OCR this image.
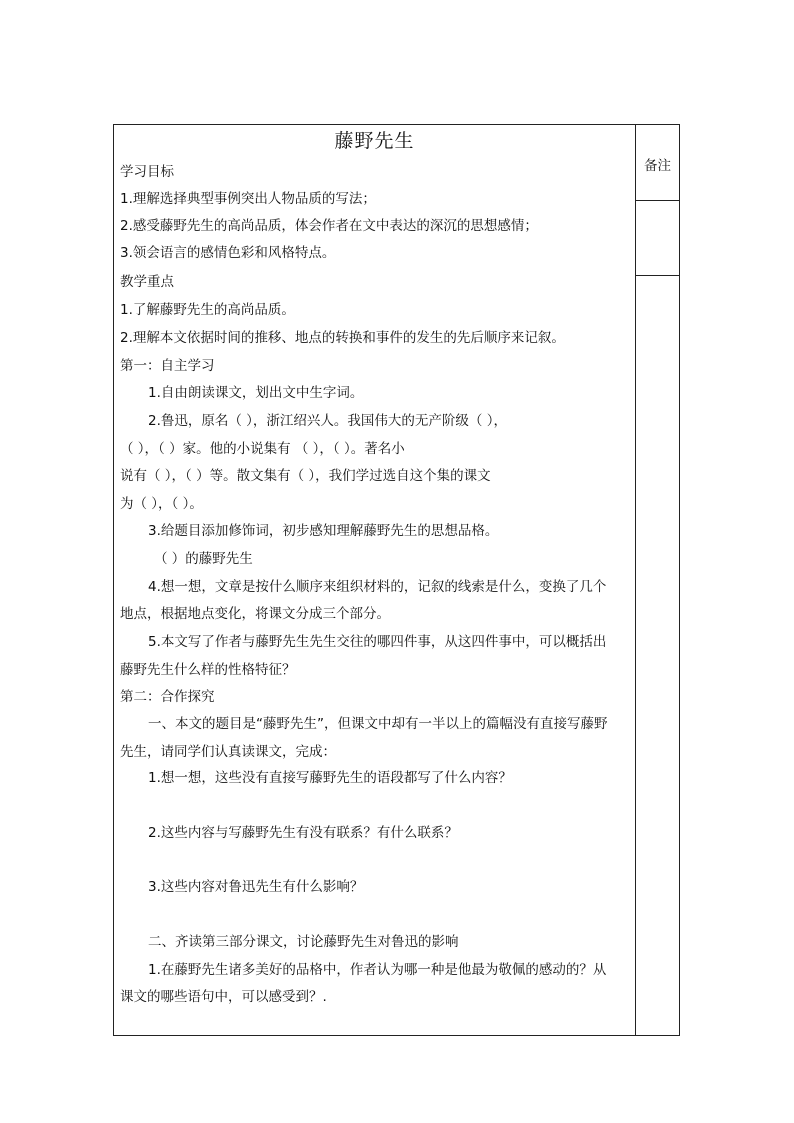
藤野先生
学习目标
1.理解选择典型事例突出人物品质的写法；
2.感受藤野先生的高尚品质，体会作者在文中表达的深沉的思想感情；
3.领会语言的感情色彩和风格特点。
教学重点
1.了解藤野先生的高尚品质。
2.理解本文依据时间的推移、地点的转换和事件的发生的先后顺序来记叙。
第一：自主学习
1.自由朗读课文，划出文中生字词。
2.鲁迅，原名（ ），浙江绍兴人。我国伟大的无产阶级（ ），
（ ），（ ）家。他的小说集有 （ ），（ ）。著名小
说有（ ），（ ）等。散文集有（ ），我们学过选自这个集的课文
为（ ），（ ）。
3.给题目添加修饰词，初步感知理解藤野先生的思想品格。
（ ）的藤野先生
4.想一想，文章是按什么顺序来组织材料的，记叙的线索是什么，变换了几个
地点，根据地点变化，将课文分成三个部分。
5.本文写了作者与藤野先生先生交往的哪四件事，从这四件事中，可以概括出
藤野先生什么样的性格特征？
第二：合作探究
一、本文的题目是“藤野先生”，但课文中却有一半以上的篇幅没有直接写藤野
先生，请同学们认真读课文，完成：
1.想一想，这些没有直接写藤野先生的语段都写了什么内容？
2.这些内容与写藤野先生有没有联系？有什么联系？
3.这些内容对鲁迅先生有什么影响？
二、齐读第三部分课文，讨论藤野先生对鲁迅的影响
1.在藤野先生诸多美好的品格中，作者认为哪一种是他最为敬佩的感动的？从
课文的哪些语句中，可以感受到？.
备注
